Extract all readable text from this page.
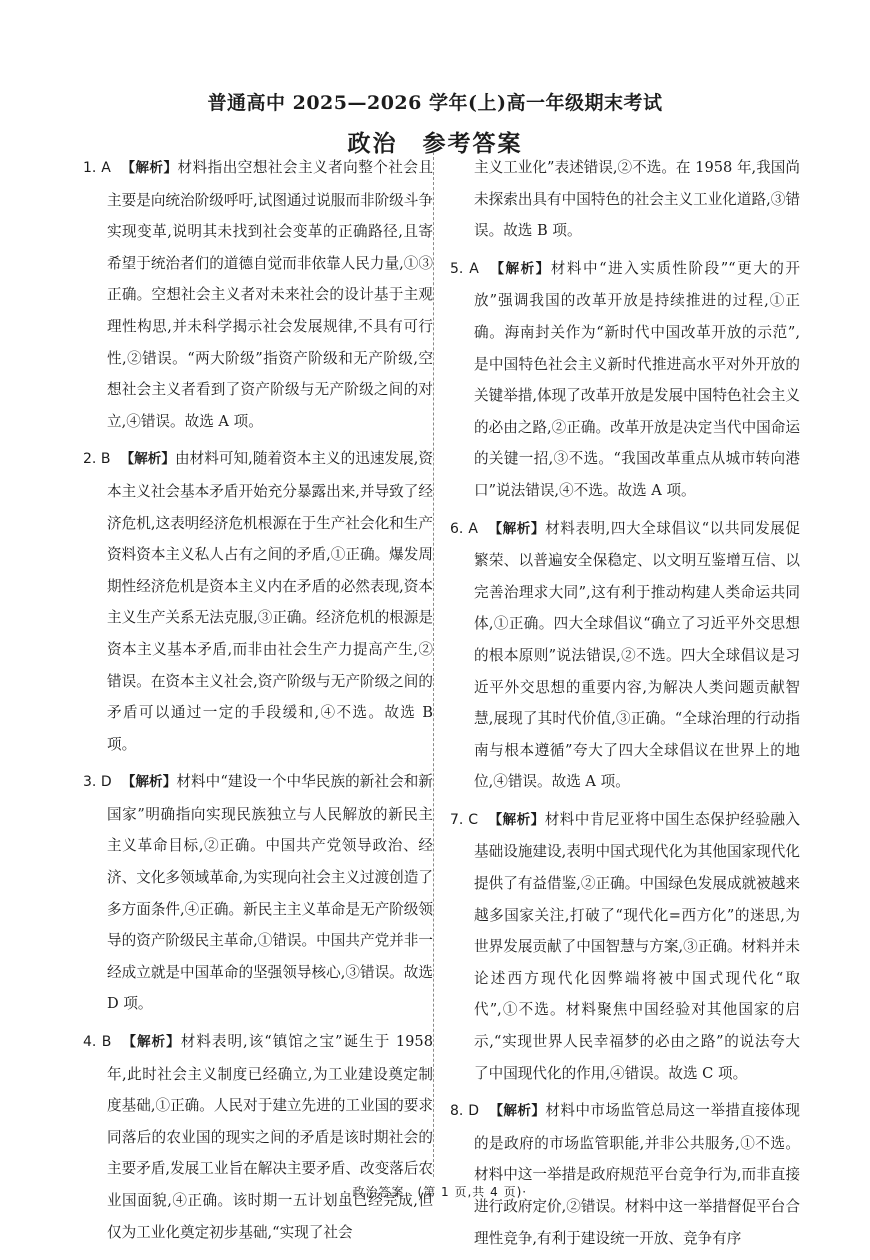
普通高中 2025—2026 学年(上)高一年级期末考试
政治　参考答案

1. A 【解析】材料指出空想社会主义者向整个社会且主要是向统治阶级呼吁,试图通过说服而非阶级斗争实现变革,说明其未找到社会变革的正确路径,且寄希望于统治者们的道德自觉而非依靠人民力量,①③正确。空想社会主义者对未来社会的设计基于主观理性构思,并未科学揭示社会发展规律,不具有可行性,②错误。“两大阶级”指资产阶级和无产阶级,空想社会主义者看到了资产阶级与无产阶级之间的对立,④错误。故选 A 项。

2. B 【解析】由材料可知,随着资本主义的迅速发展,资本主义社会基本矛盾开始充分暴露出来,并导致了经济危机,这表明经济危机根源在于生产社会化和生产资料资本主义私人占有之间的矛盾,①正确。爆发周期性经济危机是资本主义内在矛盾的必然表现,资本主义生产关系无法克服,③正确。经济危机的根源是资本主义基本矛盾,而非由社会生产力提高产生,②错误。在资本主义社会,资产阶级与无产阶级之间的矛盾可以通过一定的手段缓和,④不选。故选 B 项。

3. D 【解析】材料中“建设一个中华民族的新社会和新国家”明确指向实现民族独立与人民解放的新民主主义革命目标,②正确。中国共产党领导政治、经济、文化多领域革命,为实现向社会主义过渡创造了多方面条件,④正确。新民主主义革命是无产阶级领导的资产阶级民主革命,①错误。中国共产党并非一经成立就是中国革命的坚强领导核心,③错误。故选 D 项。

4. B 【解析】材料表明,该“镇馆之宝”诞生于 1958 年,此时社会主义制度已经确立,为工业建设奠定制度基础,①正确。人民对于建立先进的工业国的要求同落后的农业国的现实之间的矛盾是该时期社会的主要矛盾,发展工业旨在解决主要矛盾、改变落后农业国面貌,④正确。该时期一五计划虽已经完成,但仅为工业化奠定初步基础,“实现了社会

主义工业化”表述错误,②不选。在 1958 年,我国尚未探索出具有中国特色的社会主义工业化道路,③错误。故选 B 项。

5. A 【解析】材料中“进入实质性阶段”“更大的开放”强调我国的改革开放是持续推进的过程,①正确。海南封关作为“新时代中国改革开放的示范”,是中国特色社会主义新时代推进高水平对外开放的关键举措,体现了改革开放是发展中国特色社会主义的必由之路,②正确。改革开放是决定当代中国命运的关键一招,③不选。“我国改革重点从城市转向港口”说法错误,④不选。故选 A 项。

6. A 【解析】材料表明,四大全球倡议“以共同发展促繁荣、以普遍安全保稳定、以文明互鉴增互信、以完善治理求大同”,这有利于推动构建人类命运共同体,①正确。四大全球倡议“确立了习近平外交思想的根本原则”说法错误,②不选。四大全球倡议是习近平外交思想的重要内容,为解决人类问题贡献智慧,展现了其时代价值,③正确。“全球治理的行动指南与根本遵循”夸大了四大全球倡议在世界上的地位,④错误。故选 A 项。

7. C 【解析】材料中肯尼亚将中国生态保护经验融入基础设施建设,表明中国式现代化为其他国家现代化提供了有益借鉴,②正确。中国绿色发展成就被越来越多国家关注,打破了“现代化=西方化”的迷思,为世界发展贡献了中国智慧与方案,③正确。材料并未论述西方现代化因弊端将被中国式现代化“取代”,①不选。材料聚焦中国经验对其他国家的启示,“实现世界人民幸福梦的必由之路”的说法夸大了中国现代化的作用,④错误。故选 C 项。

8. D 【解析】材料中市场监管总局这一举措直接体现的是政府的市场监管职能,并非公共服务,①不选。材料中这一举措是政府规范平台竞争行为,而非直接进行政府定价,②错误。材料中这一举措督促平台合理性竞争,有利于建设统一开放、竞争有序

· 政治答案　(第 1 页,共 4 页)·
